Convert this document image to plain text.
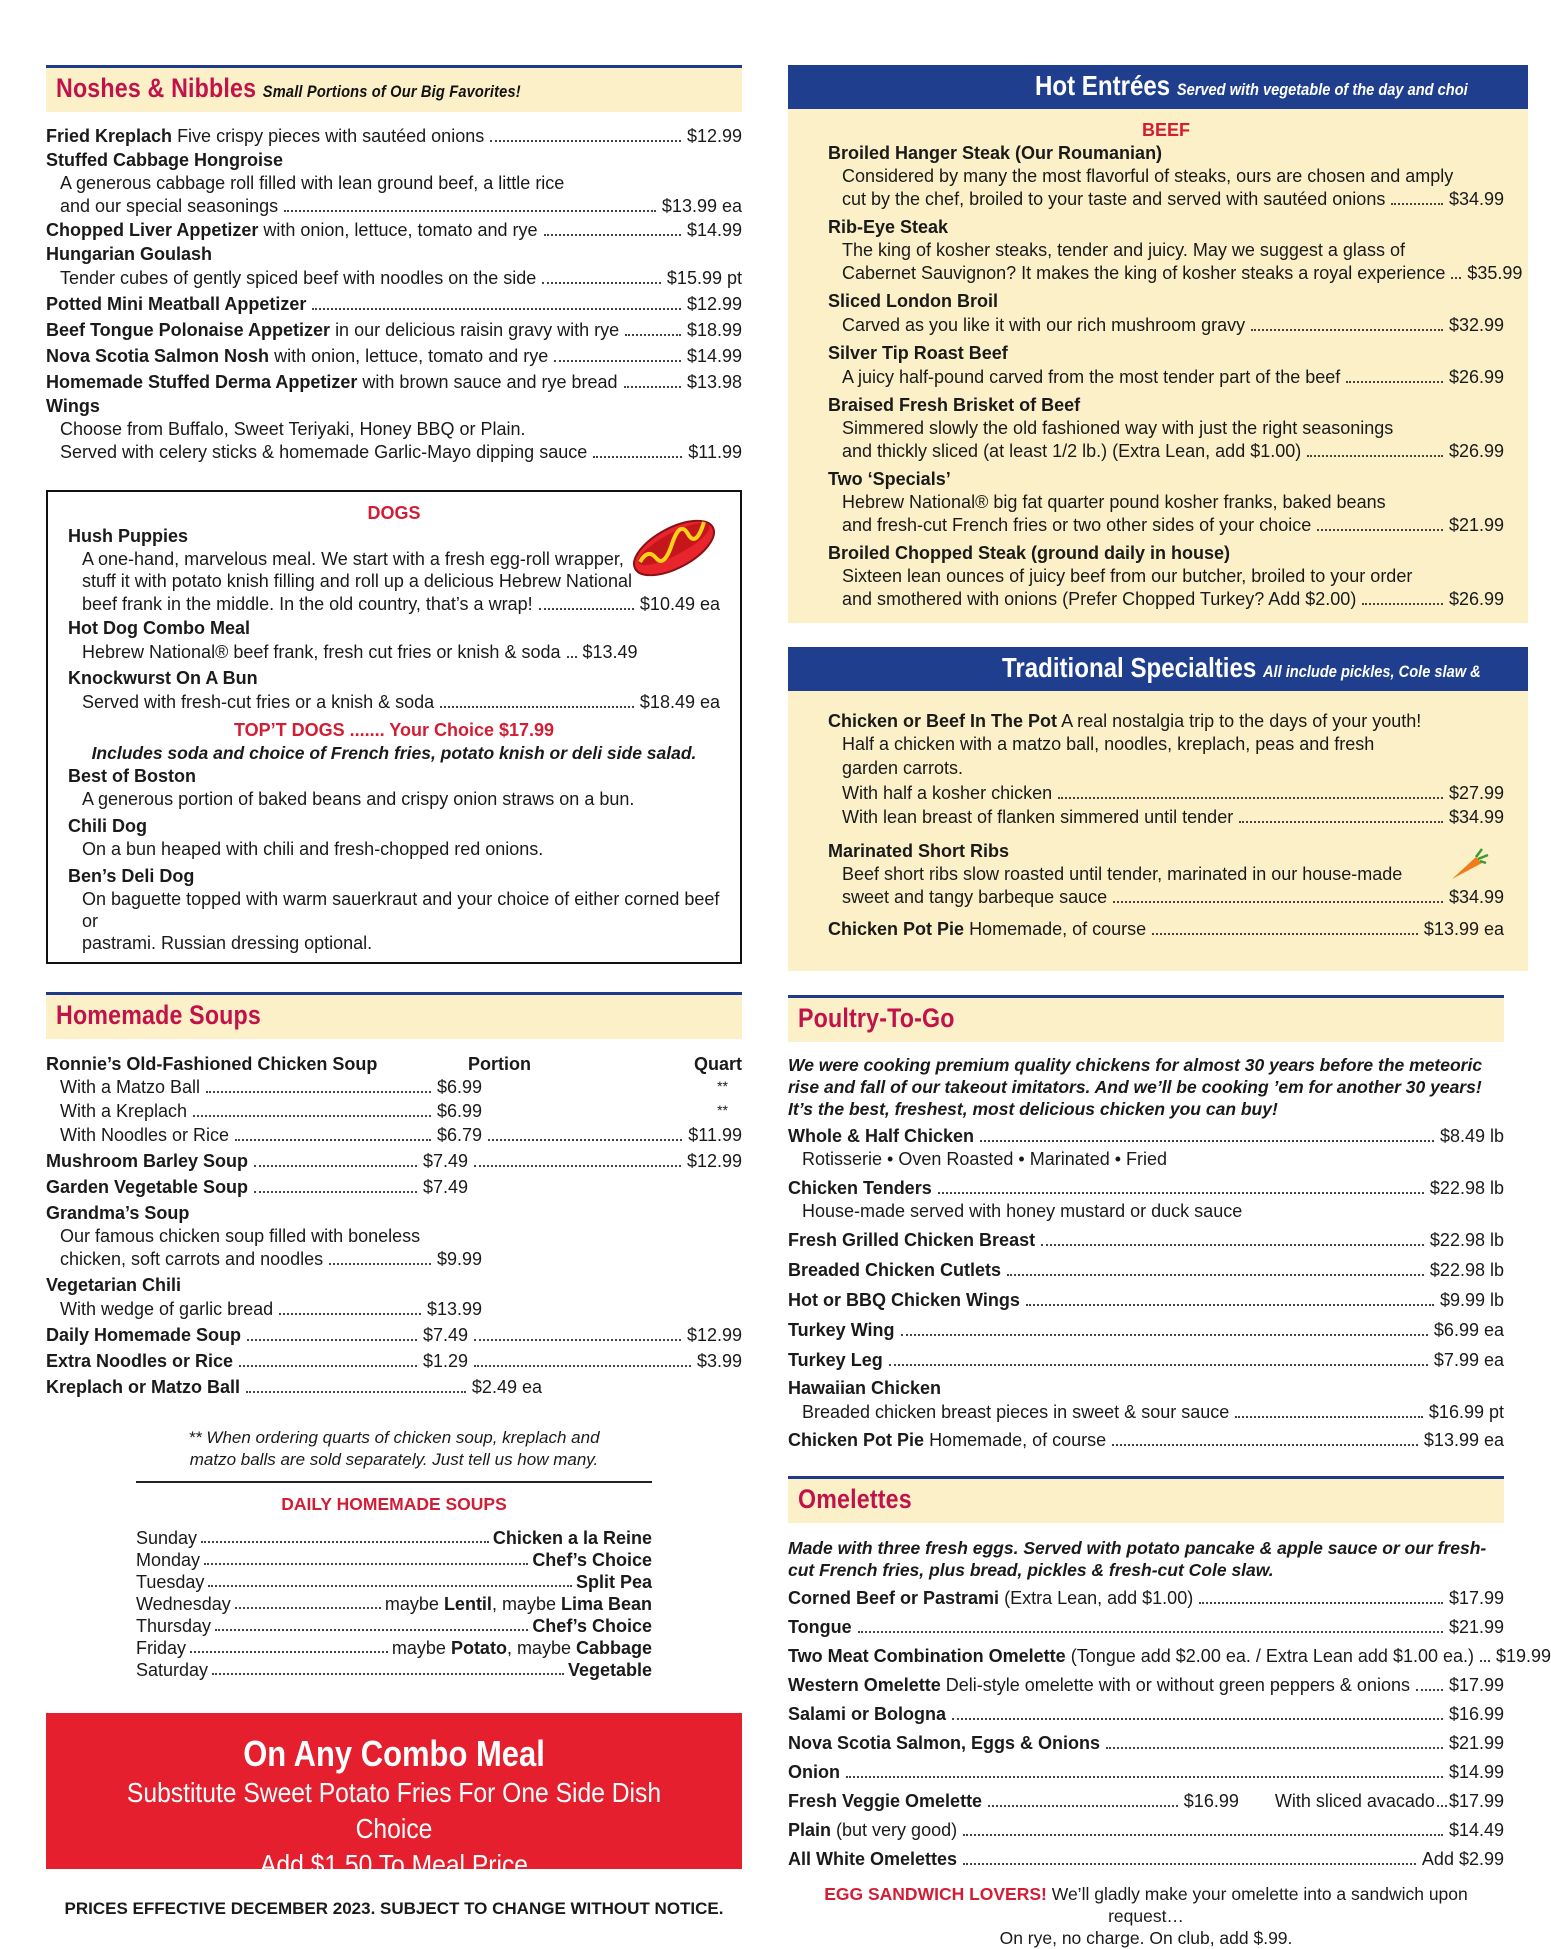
Noshes & Nibbles Small Portions of Our Big Favorites!
Fried Kreplach Five crispy pieces with sautéed onions	$12.99
Stuffed Cabbage Hongroise
A generous cabbage roll filled with lean ground beef, a little rice
and our special seasonings	$13.99 ea
Chopped Liver Appetizer with onion, lettuce, tomato and rye	$14.99
Hungarian Goulash
Tender cubes of gently spiced beef with noodles on the side	$15.99 pt
Potted Mini Meatball Appetizer	$12.99
Beef Tongue Polonaise Appetizer in our delicious raisin gravy with rye	$18.99
Nova Scotia Salmon Nosh with onion, lettuce, tomato and rye	$14.99
Homemade Stuffed Derma Appetizer with brown sauce and rye bread	$13.98
Wings
Choose from Buffalo, Sweet Teriyaki, Honey BBQ or Plain.
Served with celery sticks & homemade Garlic-Mayo dipping sauce	$11.99
DOGS
Hush Puppies
A one-hand, marvelous meal. We start with a fresh egg-roll wrapper,
stuff it with potato knish filling and roll up a delicious Hebrew National
beef frank in the middle. In the old country, that’s a wrap!	$10.49 ea
Hot Dog Combo Meal
Hebrew National® beef frank, fresh cut fries or knish & soda $13.49
Knockwurst On A Bun
Served with fresh-cut fries or a knish & soda	$18.49 ea
TOP’T DOGS ....... Your Choice $17.99
Includes soda and choice of French fries, potato knish or deli side salad.
Best of Boston
A generous portion of baked beans and crispy onion straws on a bun.
Chili Dog
On a bun heaped with chili and fresh-chopped red onions.
Ben’s Deli Dog
On baguette topped with warm sauerkraut and your choice of either corned beef or
pastrami. Russian dressing optional.
Homemade Soups
Ronnie’s Old-Fashioned Chicken Soup	Portion	Quart
With a Matzo Ball	$6.99	**
With a Kreplach	$6.99	**
With Noodles or Rice	$6.79	$11.99
Mushroom Barley Soup	$7.49	$12.99
Garden Vegetable Soup	$7.49
Grandma’s Soup
Our famous chicken soup filled with boneless
chicken, soft carrots and noodles	$9.99
Vegetarian Chili
With wedge of garlic bread	$13.99
Daily Homemade Soup	$7.49	$12.99
Extra Noodles or Rice	$1.29	$3.99
Kreplach or Matzo Ball	$2.49 ea
** When ordering quarts of chicken soup, kreplach and
matzo balls are sold separately. Just tell us how many.
DAILY HOMEMADE SOUPS
Sunday	Chicken a la Reine
Monday	Chef’s Choice
Tuesday	Split Pea
Wednesday	maybe Lentil, maybe Lima Bean
Thursday	Chef’s Choice
Friday	maybe Potato, maybe Cabbage
Saturday	Vegetable
On Any Combo Meal
Substitute Sweet Potato Fries For One Side Dish Choice
Add $1.50 To Meal Price
PRICES EFFECTIVE DECEMBER 2023. SUBJECT TO CHANGE WITHOUT NOTICE.
Hot Entrées Served with vegetable of the day and choi
BEEF
Broiled Hanger Steak (Our Roumanian)
Considered by many the most flavorful of steaks, ours are chosen and amply
cut by the chef, broiled to your taste and served with sautéed onions	$34.99
Rib-Eye Steak
The king of kosher steaks, tender and juicy. May we suggest a glass of
Cabernet Sauvignon? It makes the king of kosher steaks a royal experience $35.99
Sliced London Broil
Carved as you like it with our rich mushroom gravy	$32.99
Silver Tip Roast Beef
A juicy half-pound carved from the most tender part of the beef	$26.99
Braised Fresh Brisket of Beef
Simmered slowly the old fashioned way with just the right seasonings
and thickly sliced (at least 1/2 lb.) (Extra Lean, add $1.00)	$26.99
Two ‘Specials’
Hebrew National® big fat quarter pound kosher franks, baked beans
and fresh-cut French fries or two other sides of your choice	$21.99
Broiled Chopped Steak (ground daily in house)
Sixteen lean ounces of juicy beef from our butcher, broiled to your order
and smothered with onions (Prefer Chopped Turkey? Add $2.00)	$26.99
Traditional Specialties All include pickles, Cole slaw &
Chicken or Beef In The Pot A real nostalgia trip to the days of your youth!
Half a chicken with a matzo ball, noodles, kreplach, peas and fresh
garden carrots.
With half a kosher chicken	$27.99
With lean breast of flanken simmered until tender	$34.99
Marinated Short Ribs
Beef short ribs slow roasted until tender, marinated in our house-made
sweet and tangy barbeque sauce	$34.99
Chicken Pot Pie Homemade, of course	$13.99 ea
Poultry-To-Go
We were cooking premium quality chickens for almost 30 years before the meteoric rise and fall of our takeout imitators. And we’ll be cooking ’em for another 30 years! It’s the best, freshest, most delicious chicken you can buy!
Whole & Half Chicken	$8.49 lb
Rotisserie • Oven Roasted • Marinated • Fried
Chicken Tenders	$22.98 lb
House-made served with honey mustard or duck sauce
Fresh Grilled Chicken Breast	$22.98 lb
Breaded Chicken Cutlets	$22.98 lb
Hot or BBQ Chicken Wings	$9.99 lb
Turkey Wing	$6.99 ea
Turkey Leg	$7.99 ea
Hawaiian Chicken
Breaded chicken breast pieces in sweet & sour sauce	$16.99 pt
Chicken Pot Pie Homemade, of course	$13.99 ea
Omelettes
Made with three fresh eggs. Served with potato pancake & apple sauce or our fresh-cut French fries, plus bread, pickles & fresh-cut Cole slaw.
Corned Beef or Pastrami (Extra Lean, add $1.00)	$17.99
Tongue	$21.99
Two Meat Combination Omelette (Tongue add $2.00 ea. / Extra Lean add $1.00 ea.) $19.99
Western Omelette Deli-style omelette with or without green peppers & onions $17.99
Salami or Bologna	$16.99
Nova Scotia Salmon, Eggs & Onions	$21.99
Onion	$14.99
Fresh Veggie Omelette	$16.99 With sliced avacado $17.99
Plain (but very good)	$14.49
All White Omelettes	Add $2.99
EGG SANDWICH LOVERS! We’ll gladly make your omelette into a sandwich upon request…
On rye, no charge. On club, add $.99.
